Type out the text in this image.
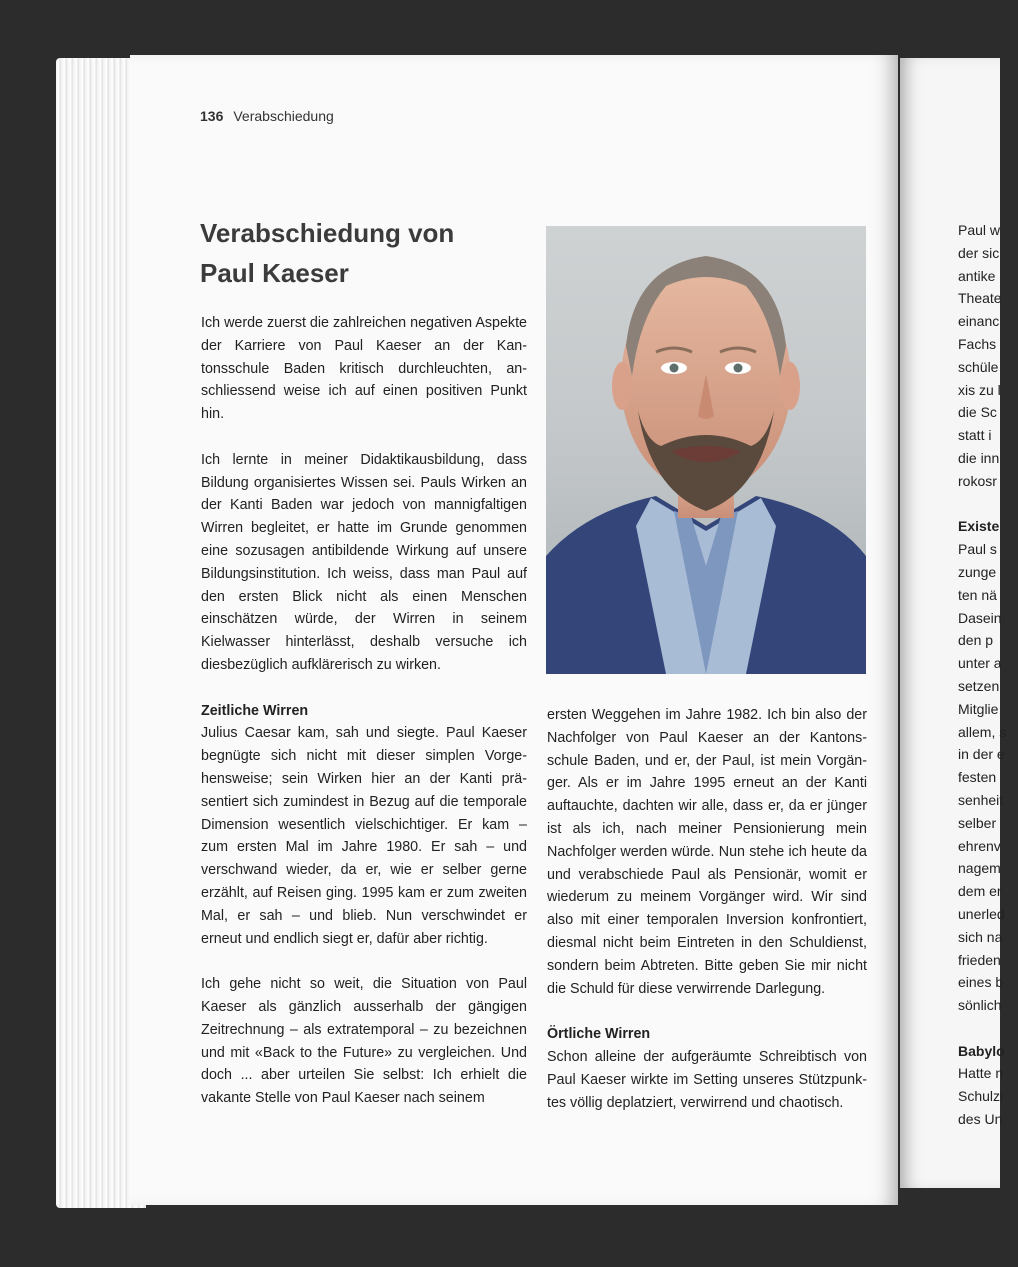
136 Verabschiedung
Verabschiedung von
Paul Kaeser

Ich werde zuerst die zahlreichen negativen Aspekte der Karriere von Paul Kaeser an der Kantonsschule Baden kritisch durchleuchten, anschliessend weise ich auf einen positiven Punkt hin.

Ich lernte in meiner Didaktikausbildung, dass Bildung organisiertes Wissen sei. Pauls Wirken an der Kanti Baden war jedoch von mannigfaltigen Wirren begleitet, er hatte im Grunde genommen eine sozusagen antibildende Wirkung auf unsere Bildungsinstitution. Ich weiss, dass man Paul auf den ersten Blick nicht als einen Menschen einschätzen würde, der Wirren in seinem Kielwasser hinterlässt, deshalb versuche ich diesbezüglich aufklärerisch zu wirken.

Zeitliche Wirren

Julius Caesar kam, sah und siegte. Paul Kaeser begnügte sich nicht mit dieser simplen Vorgehensweise; sein Wirken hier an der Kanti präsentiert sich zumindest in Bezug auf die temporale Dimension wesentlich vielschichtiger. Er kam – zum ersten Mal im Jahre 1980. Er sah – und verschwand wieder, da er, wie er selber gerne erzählt, auf Reisen ging. 1995 kam er zum zweiten Mal, er sah – und blieb. Nun verschwindet er erneut und endlich siegt er, dafür aber richtig.

Ich gehe nicht so weit, die Situation von Paul Kaeser als gänzlich ausserhalb der gängigen Zeitrechnung – als extratemporal – zu bezeichnen und mit «Back to the Future» zu vergleichen. Und doch ... aber urteilen Sie selbst: Ich erhielt die vakante Stelle von Paul Kaeser nach seinem

ersten Weggehen im Jahre 1982. Ich bin also der Nachfolger von Paul Kaeser an der Kantonsschule Baden, und er, der Paul, ist mein Vorgänger. Als er im Jahre 1995 erneut an der Kanti auftauchte, dachten wir alle, dass er, da er jünger ist als ich, nach meiner Pensionierung mein Nachfolger werden würde. Nun stehe ich heute da und verabschiede Paul als Pensionär, womit er wiederum zu meinem Vorgänger wird. Wir sind also mit einer temporalen Inversion konfrontiert, diesmal nicht beim Eintreten in den Schuldienst, sondern beim Abtreten. Bitte geben Sie mir nicht die Schuld für diese verwirrende Darlegung.

Örtliche Wirren

Schon alleine der aufgeräumte Schreibtisch von Paul Kaeser wirkte im Setting unseres Stützpunktes völlig deplatziert, verwirrend und chaotisch.

Paul w
der sic
antike
Theate
einanc
Fachs
schüle
xis zu l
die Sc
statt i
die inn
rokosr
Existe
Paul s
zunge
ten nä
Dasein
den p
unter a
setzen
Mitglie
allem, s
in der e
festen
senheit
selber
ehrenv
nagem
dem er
unerled
sich na
frieden
eines b
sönlich
Babylo
Hatte n
Schulzi
des Un
